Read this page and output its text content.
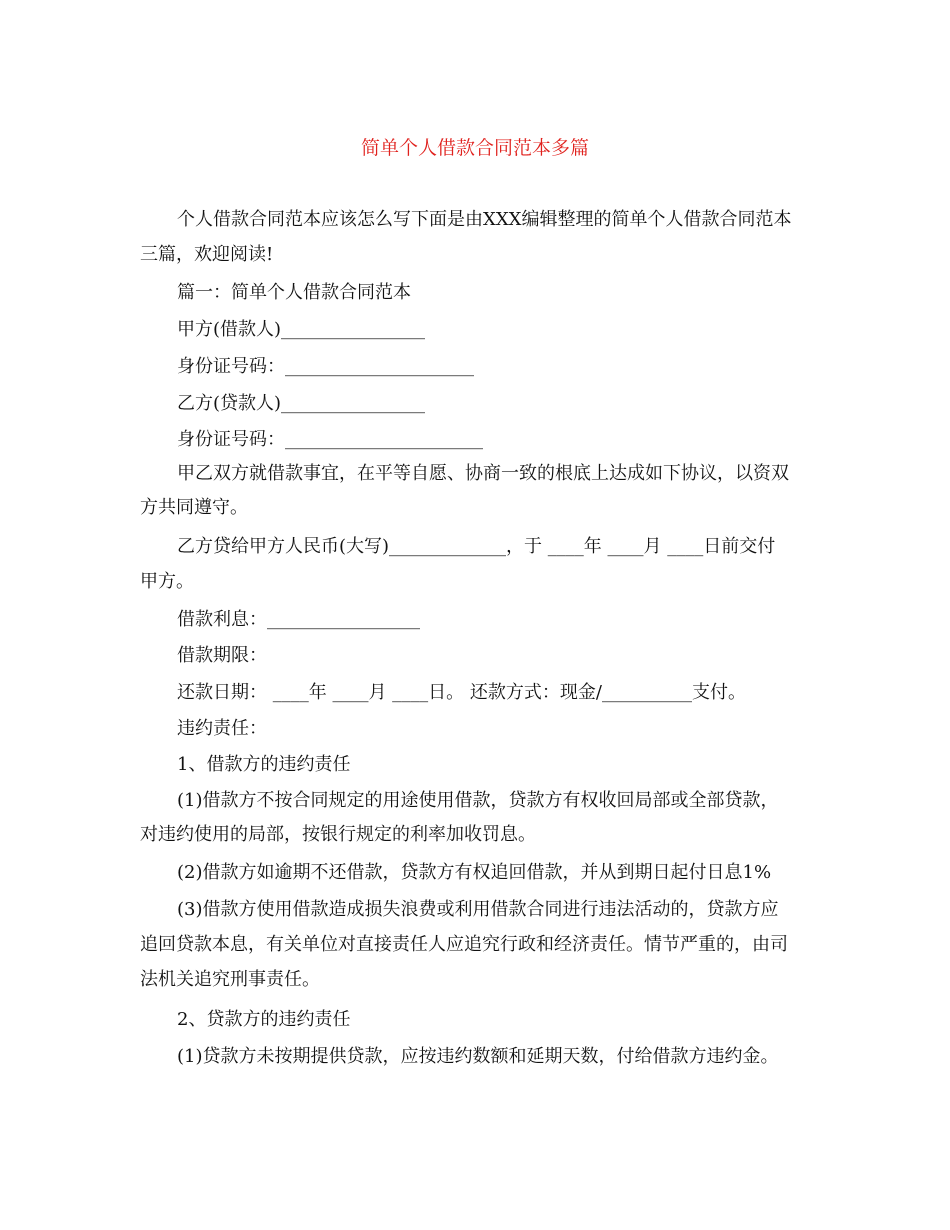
简单个人借款合同范本多篇
个人借款合同范本应该怎么写下面是由XXX编辑整理的简单个人借款合同范本
三篇，欢迎阅读!
篇一：简单个人借款合同范本
甲方(借款人)________________
身份证号码：_____________________
乙方(贷款人)________________
身份证号码：______________________
甲乙双方就借款事宜，在平等自愿、协商一致的根底上达成如下协议，以资双
方共同遵守。
乙方贷给甲方人民币(大写)_____________，于 ____年 ____月 ____日前交付
甲方。
借款利息：_________________
借款期限：
还款日期： ____年 ____月 ____日。 还款方式：现金/__________支付。
违约责任：
1、借款方的违约责任
(1)借款方不按合同规定的用途使用借款，贷款方有权收回局部或全部贷款，
对违约使用的局部，按银行规定的利率加收罚息。
(2)借款方如逾期不还借款，贷款方有权追回借款，并从到期日起付日息1%
(3)借款方使用借款造成损失浪费或利用借款合同进行违法活动的，贷款方应
追回贷款本息，有关单位对直接责任人应追究行政和经济责任。情节严重的，由司
法机关追究刑事责任。
2、贷款方的违约责任
(1)贷款方未按期提供贷款，应按违约数额和延期天数，付给借款方违约金。
